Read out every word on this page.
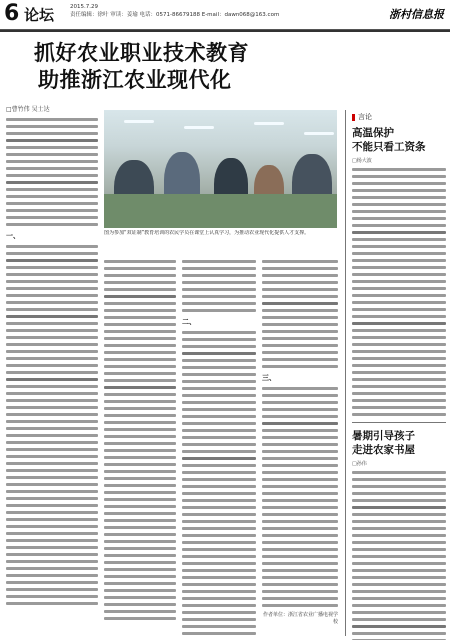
6 论坛	2015.7.29
责任编辑：徐叶 审读：姜瑜 电话：0571-86679188 E-mail：dawn068@163.com	浙村信息报
抓好农业职业技术教育
助推浙江农业现代化
□曹竹伟 吴士达
图为参加“双证制”教育培训的农民学员在课堂上认真学习，为推动农业现代化提供人才支撑。
一、
二、
三、
作者单位：浙江省农业广播电视学校
言论
高温保护
不能只看工资条
□杨大波
暑期引导孩子
走进农家书屋
□孙伟
